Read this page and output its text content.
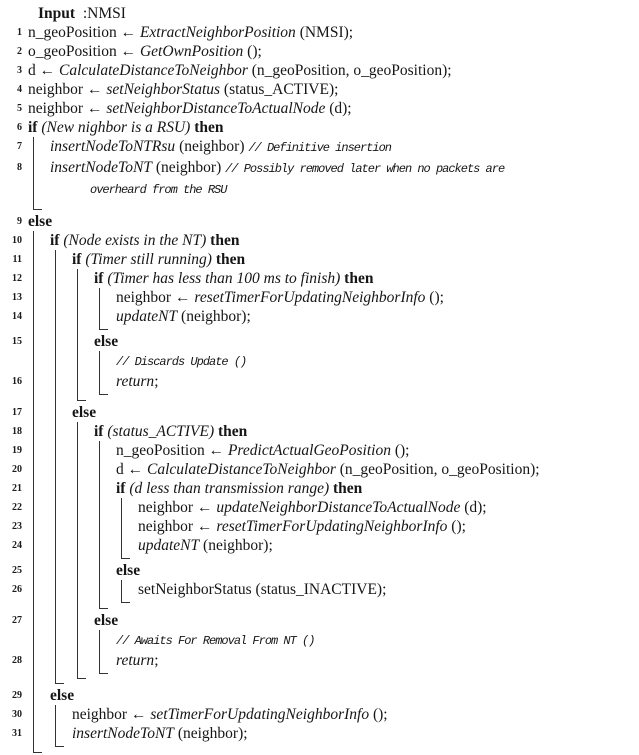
Input  :NMSI
1 n_geoPosition ← ExtractNeighborPosition (NMSI);
2 o_geoPosition ← GetOwnPosition ();
3 d ← CalculateDistanceToNeighbor (n_geoPosition, o_geoPosition);
4 neighbor ← setNeighborStatus (status_ACTIVE);
5 neighbor ← setNeighborDistanceToActualNode (d);
6 if (New nighbor is a RSU) then
7	insertNodeToNTRsu (neighbor) // Definitive insertion
8	insertNodeToNT (neighbor) // Possibly removed later when no packets are
overheard from the RSU
9 else
10	if (Node exists in the NT) then
11	if (Timer still running) then
12	if (Timer has less than 100 ms to finish) then
13	neighbor ← resetTimerForUpdatingNeighborInfo ();
14	updateNT (neighbor);
15	else
// Discards Update ()
16	return;
17	else
18	if (status_ACTIVE) then
19	n_geoPosition ← PredictActualGeoPosition ();
20	d ← CalculateDistanceToNeighbor (n_geoPosition, o_geoPosition);
21	if (d less than transmission range) then
22	neighbor ← updateNeighborDistanceToActualNode (d);
23	neighbor ← resetTimerForUpdatingNeighborInfo ();
24	updateNT (neighbor);
25	else
26	setNeighborStatus (status_INACTIVE);
27	else
// Awaits For Removal From NT ()
28	return;
29	else
30	neighbor ← setTimerForUpdatingNeighborInfo ();
31	insertNodeToNT (neighbor);
